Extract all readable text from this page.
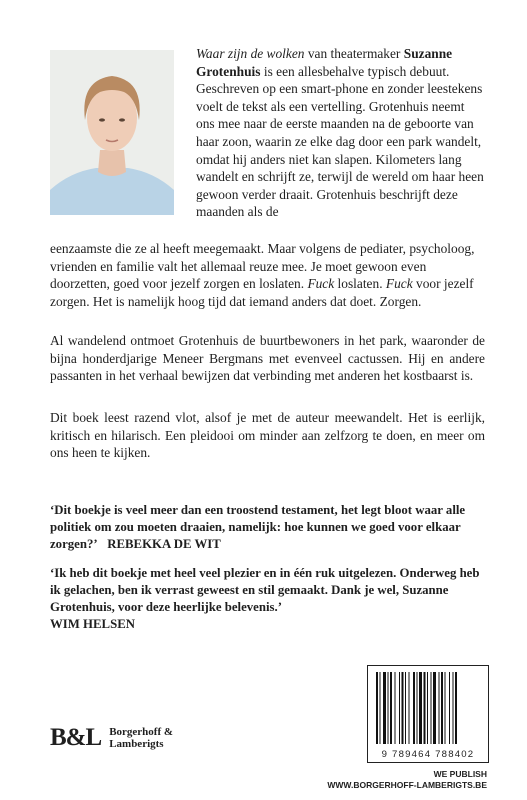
Waar zijn de wolken van theatermaker Suzanne Grotenhuis is een allesbehalve typisch debuut. Geschreven op een smart-phone en zonder leestekens voelt de tekst als een vertelling. Grotenhuis neemt ons mee naar de eerste maanden na de geboorte van haar zoon, waarin ze elke dag door een park wandelt, omdat hij anders niet kan slapen. Kilometers lang wandelt en schrijft ze, terwijl de wereld om haar heen gewoon verder draait. Grotenhuis beschrijft deze maanden als de

eenzaamste die ze al heeft meegemaakt. Maar volgens de pediater, psycholoog, vrienden en familie valt het allemaal reuze mee. Je moet gewoon even doorzetten, goed voor jezelf zorgen en loslaten. Fuck loslaten. Fuck voor jezelf zorgen. Het is namelijk hoog tijd dat iemand anders dat doet. Zorgen.
Al wandelend ontmoet Grotenhuis de buurtbewoners in het park, waaronder de bijna honderdjarige Meneer Bergmans met evenveel cactussen. Hij en andere passanten in het verhaal bewijzen dat verbinding met anderen het kostbaarst is.
Dit boek leest razend vlot, alsof je met de auteur meewandelt. Het is eerlijk, kritisch en hilarisch. Een pleidooi om minder aan zelfzorg te doen, en meer om ons heen te kijken.
‘Dit boekje is veel meer dan een troostend testament, het legt bloot waar alle politiek om zou moeten draaien, namelijk: hoe kunnen we goed voor elkaar zorgen?’ REBEKKA DE WIT
‘Ik heb dit boekje met heel veel plezier en in één ruk uitgelezen. Onderweg heb ik gelachen, ben ik verrast geweest en stil gemaakt. Dank je wel, Suzanne Grotenhuis, voor deze heerlijke belevenis.’
WIM HELSEN
9 789464 788402
B&L Borgerhoff &
Lamberigts
WE PUBLISH
WWW.BORGERHOFF-LAMBERIGTS.BE
